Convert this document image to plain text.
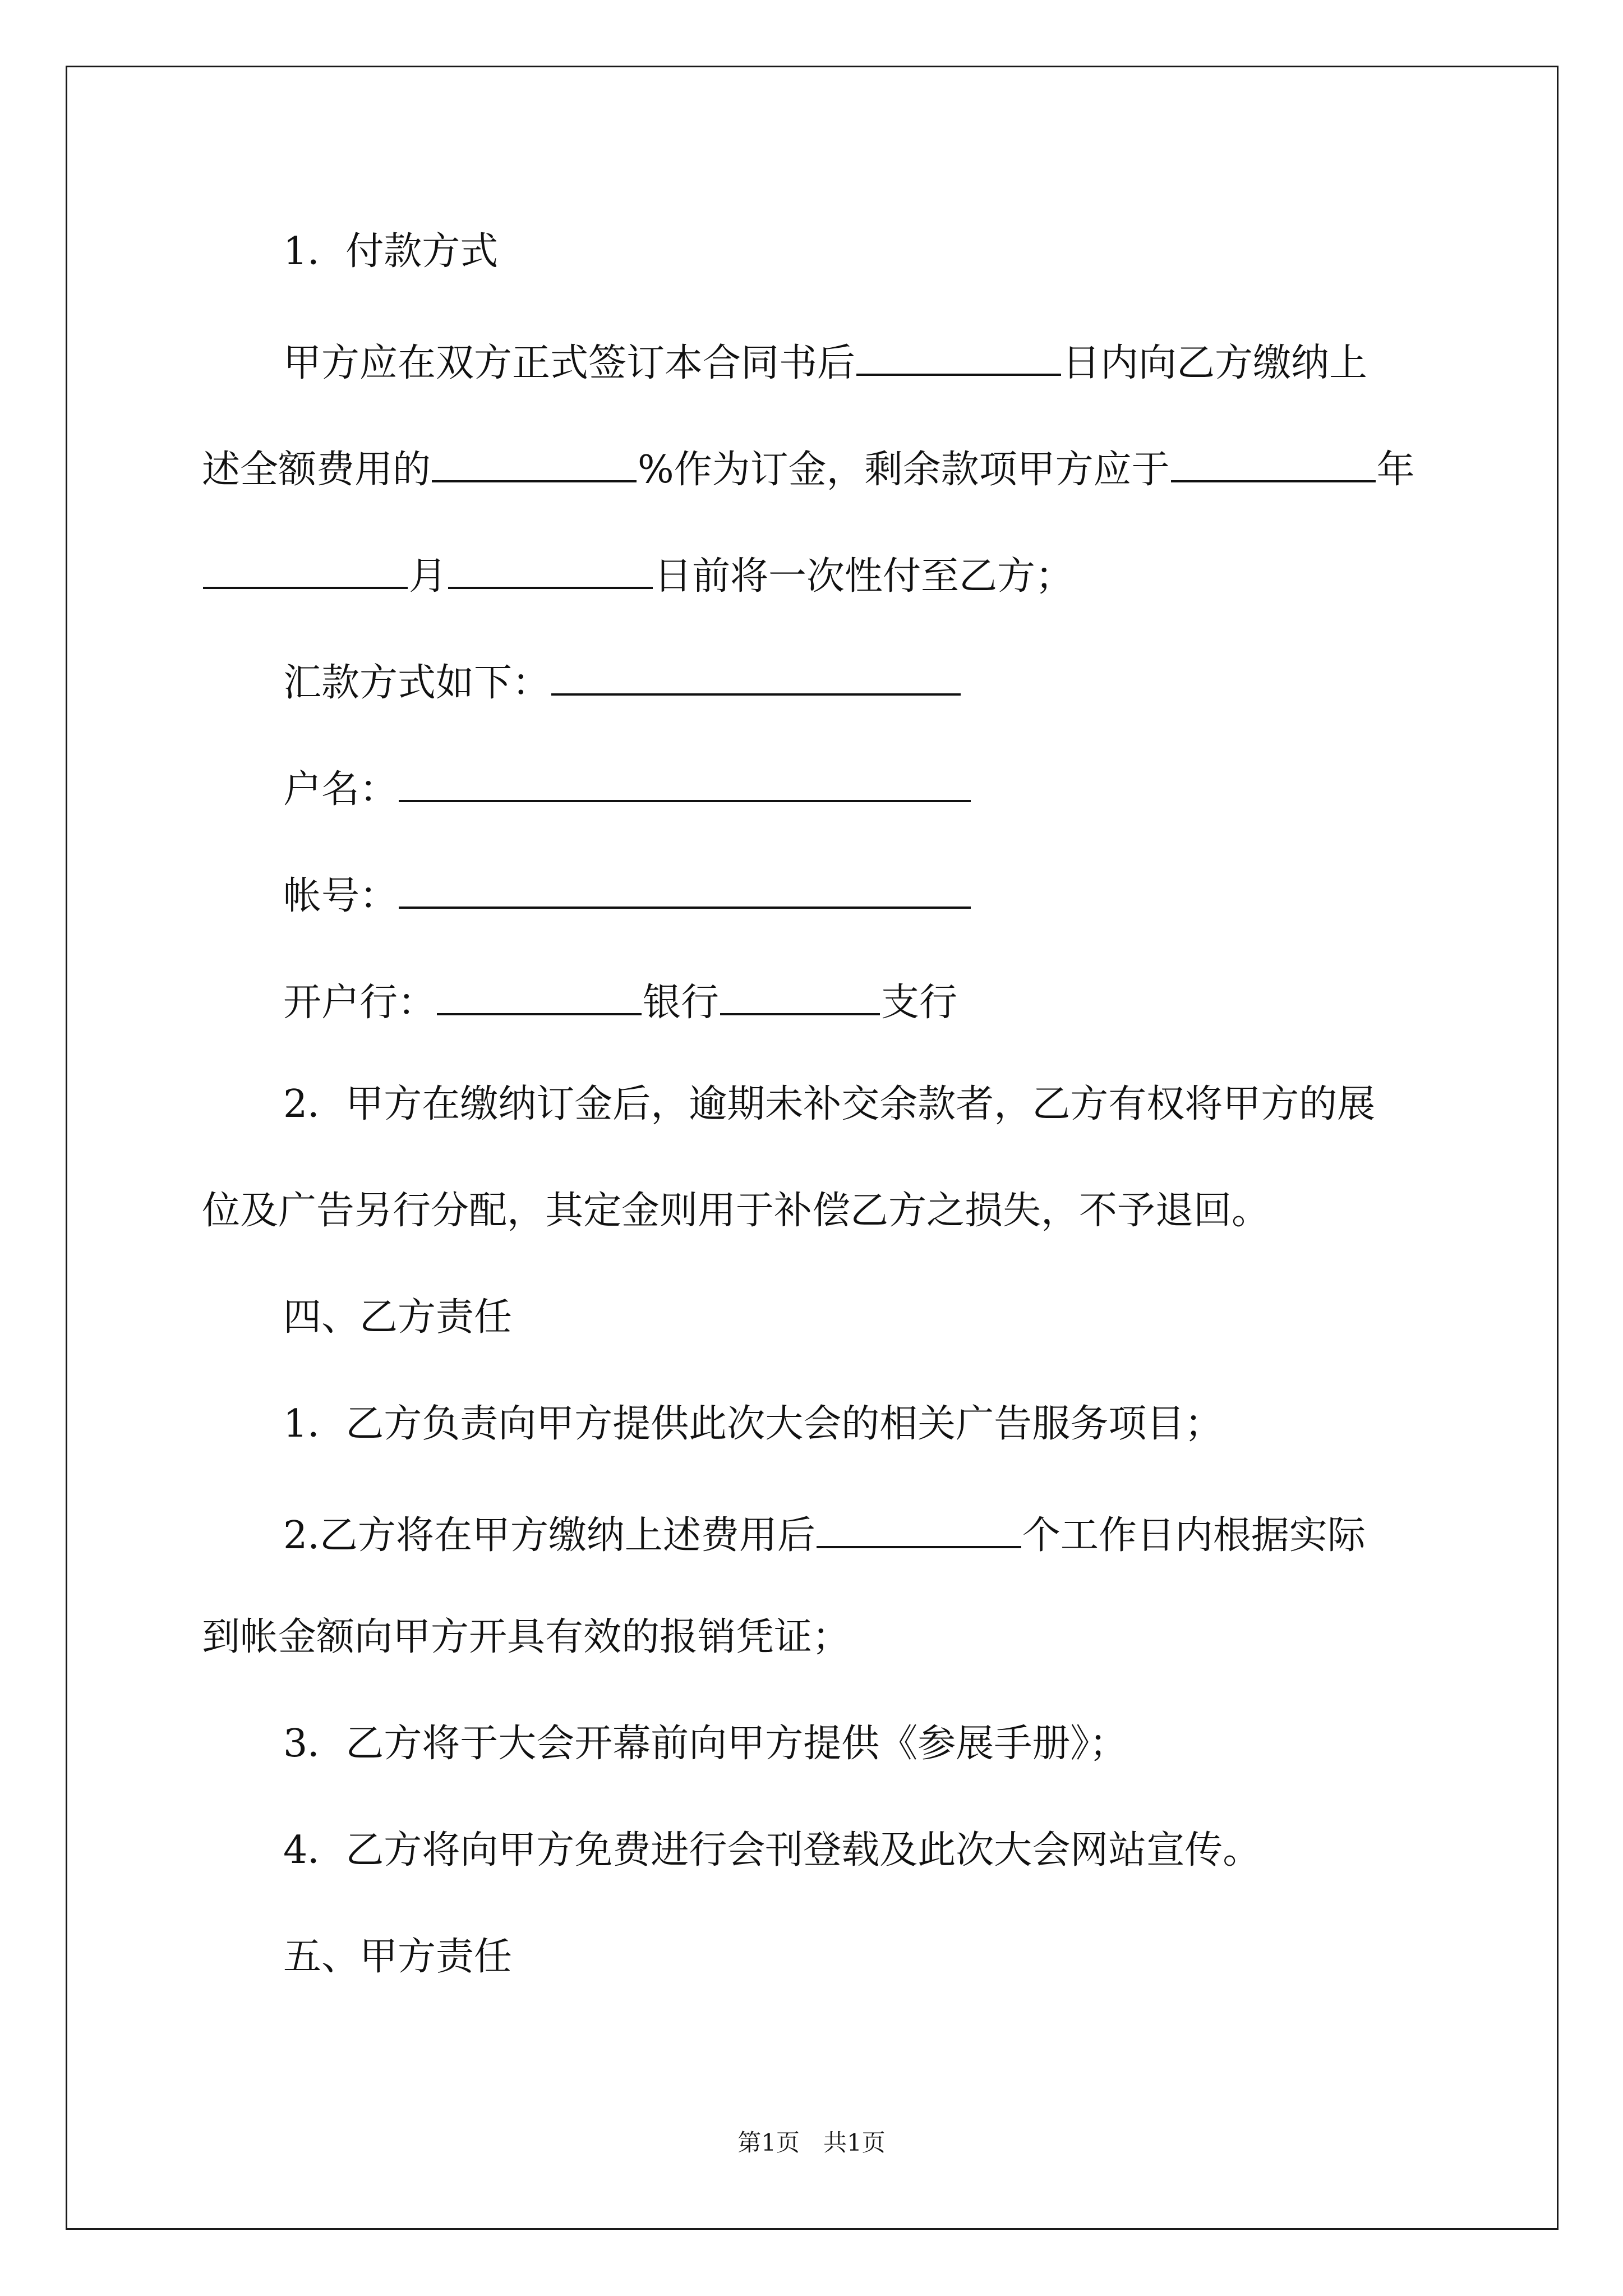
1．付款方式
甲方应在双方正式签订本合同书后	日内向乙方缴纳上
述全额费用的	%作为订金，剩余款项甲方应于	年
月	日前将一次性付至乙方；
汇款方式如下：
户名：
帐号：
开户行：	银行	支行
2．甲方在缴纳订金后，逾期未补交余款者，乙方有权将甲方的展
位及广告另行分配，其定金则用于补偿乙方之损失，不予退回。
四、乙方责任
1．乙方负责向甲方提供此次大会的相关广告服务项目；
2.乙方将在甲方缴纳上述费用后	个工作日内根据实际
到帐金额向甲方开具有效的报销凭证；
3．乙方将于大会开幕前向甲方提供《参展手册》；
4．乙方将向甲方免费进行会刊登载及此次大会网站宣传。
五、甲方责任
第1页　共1页
